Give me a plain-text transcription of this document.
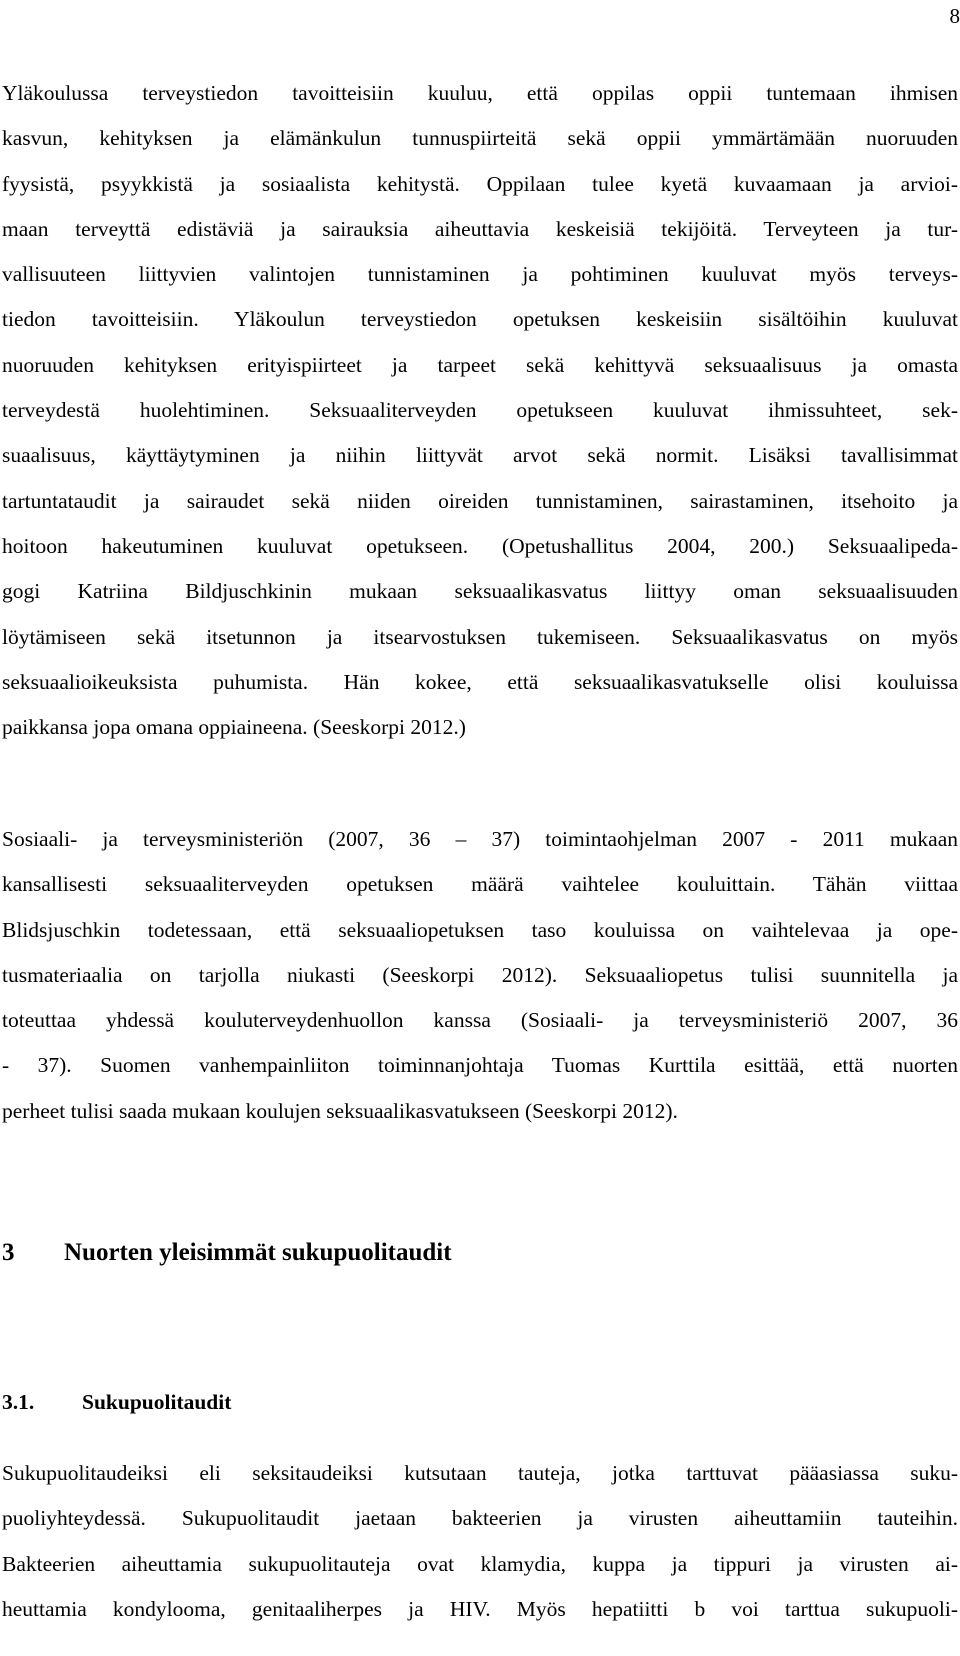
8
Yläkoulussa terveystiedon tavoitteisiin kuuluu, että oppilas oppii tuntemaan ihmisen
kasvun, kehityksen ja elämänkulun tunnuspiirteitä sekä oppii ymmärtämään nuoruuden
fyysistä, psyykkistä ja sosiaalista kehitystä. Oppilaan tulee kyetä kuvaamaan ja arvioi-
maan terveyttä edistäviä ja sairauksia aiheuttavia keskeisiä tekijöitä. Terveyteen ja tur-
vallisuuteen liittyvien valintojen tunnistaminen ja pohtiminen kuuluvat myös terveys-
tiedon tavoitteisiin. Yläkoulun terveystiedon opetuksen keskeisiin sisältöihin kuuluvat
nuoruuden kehityksen erityispiirteet ja tarpeet sekä kehittyvä seksuaalisuus ja omasta
terveydestä huolehtiminen. Seksuaaliterveyden opetukseen kuuluvat ihmissuhteet, sek-
suaalisuus, käyttäytyminen ja niihin liittyvät arvot sekä normit. Lisäksi tavallisimmat
tartuntataudit ja sairaudet sekä niiden oireiden tunnistaminen, sairastaminen, itsehoito ja
hoitoon hakeutuminen kuuluvat opetukseen. (Opetushallitus 2004, 200.) Seksuaalipeda-
gogi Katriina Bildjuschkinin mukaan seksuaalikasvatus liittyy oman seksuaalisuuden
löytämiseen sekä itsetunnon ja itsearvostuksen tukemiseen. Seksuaalikasvatus on myös
seksuaalioikeuksista puhumista. Hän kokee, että seksuaalikasvatukselle olisi kouluissa
paikkansa jopa omana oppiaineena. (Seeskorpi 2012.)
Sosiaali- ja terveysministeriön (2007, 36 – 37) toimintaohjelman 2007 - 2011 mukaan
kansallisesti seksuaaliterveyden opetuksen määrä vaihtelee kouluittain. Tähän viittaa
Blidsjuschkin todetessaan, että seksuaaliopetuksen taso kouluissa on vaihtelevaa ja ope-
tusmateriaalia on tarjolla niukasti (Seeskorpi 2012). Seksuaaliopetus tulisi suunnitella ja
toteuttaa yhdessä kouluterveydenhuollon kanssa (Sosiaali- ja terveysministeriö 2007, 36
- 37). Suomen vanhempainliiton toiminnanjohtaja Tuomas Kurttila esittää, että nuorten
perheet tulisi saada mukaan koulujen seksuaalikasvatukseen (Seeskorpi 2012).
3 Nuorten yleisimmät sukupuolitaudit
3.1. Sukupuolitaudit
Sukupuolitaudeiksi eli seksitaudeiksi kutsutaan tauteja, jotka tarttuvat pääasiassa suku-
puoliyhteydessä. Sukupuolitaudit jaetaan bakteerien ja virusten aiheuttamiin tauteihin.
Bakteerien aiheuttamia sukupuolitauteja ovat klamydia, kuppa ja tippuri ja virusten ai-
heuttamia kondylooma, genitaaliherpes ja HIV. Myös hepatiitti b voi tarttua sukupuoli-
